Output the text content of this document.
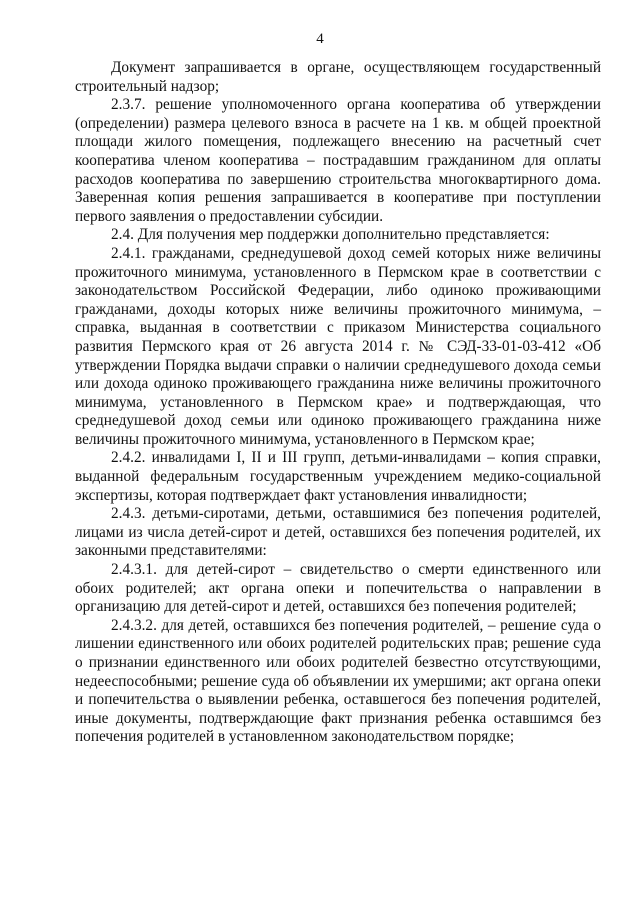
4

Документ запрашивается в органе, осуществляющем государственный строительный надзор;

2.3.7. решение уполномоченного органа кооператива об утверждении (определении) размера целевого взноса в расчете на 1 кв. м общей проектной площади жилого помещения, подлежащего внесению на расчетный счет кооператива членом кооператива – пострадавшим гражданином для оплаты расходов кооператива по завершению строительства многоквартирного дома. Заверенная копия решения запрашивается в кооперативе при поступлении первого заявления о предоставлении субсидии.

2.4. Для получения мер поддержки дополнительно представляется:

2.4.1. гражданами, среднедушевой доход семей которых ниже величины прожиточного минимума, установленного в Пермском крае в соответствии с законодательством Российской Федерации, либо одиноко проживающими гражданами, доходы которых ниже величины прожиточного минимума, – справка, выданная в соответствии с приказом Министерства социального развития Пермского края от 26 августа 2014 г. № СЭД-33-01-03-412 «Об утверждении Порядка выдачи справки о наличии среднедушевого дохода семьи или дохода одиноко проживающего гражданина ниже величины прожиточного минимума, установленного в Пермском крае» и подтверждающая, что среднедушевой доход семьи или одиноко проживающего гражданина ниже величины прожиточного минимума, установленного в Пермском крае;

2.4.2. инвалидами I, II и III групп, детьми-инвалидами – копия справки, выданной федеральным государственным учреждением медико-социальной экспертизы, которая подтверждает факт установления инвалидности;

2.4.3. детьми-сиротами, детьми, оставшимися без попечения родителей, лицами из числа детей-сирот и детей, оставшихся без попечения родителей, их законными представителями:

2.4.3.1. для детей-сирот – свидетельство о смерти единственного или обоих родителей; акт органа опеки и попечительства о направлении в организацию для детей-сирот и детей, оставшихся без попечения родителей;

2.4.3.2. для детей, оставшихся без попечения родителей, – решение суда о лишении единственного или обоих родителей родительских прав; решение суда о признании единственного или обоих родителей безвестно отсутствующими, недееспособными; решение суда об объявлении их умершими; акт органа опеки и попечительства о выявлении ребенка, оставшегося без попечения родителей, иные документы, подтверждающие факт признания ребенка оставшимся без попечения родителей в установленном законодательством порядке;
